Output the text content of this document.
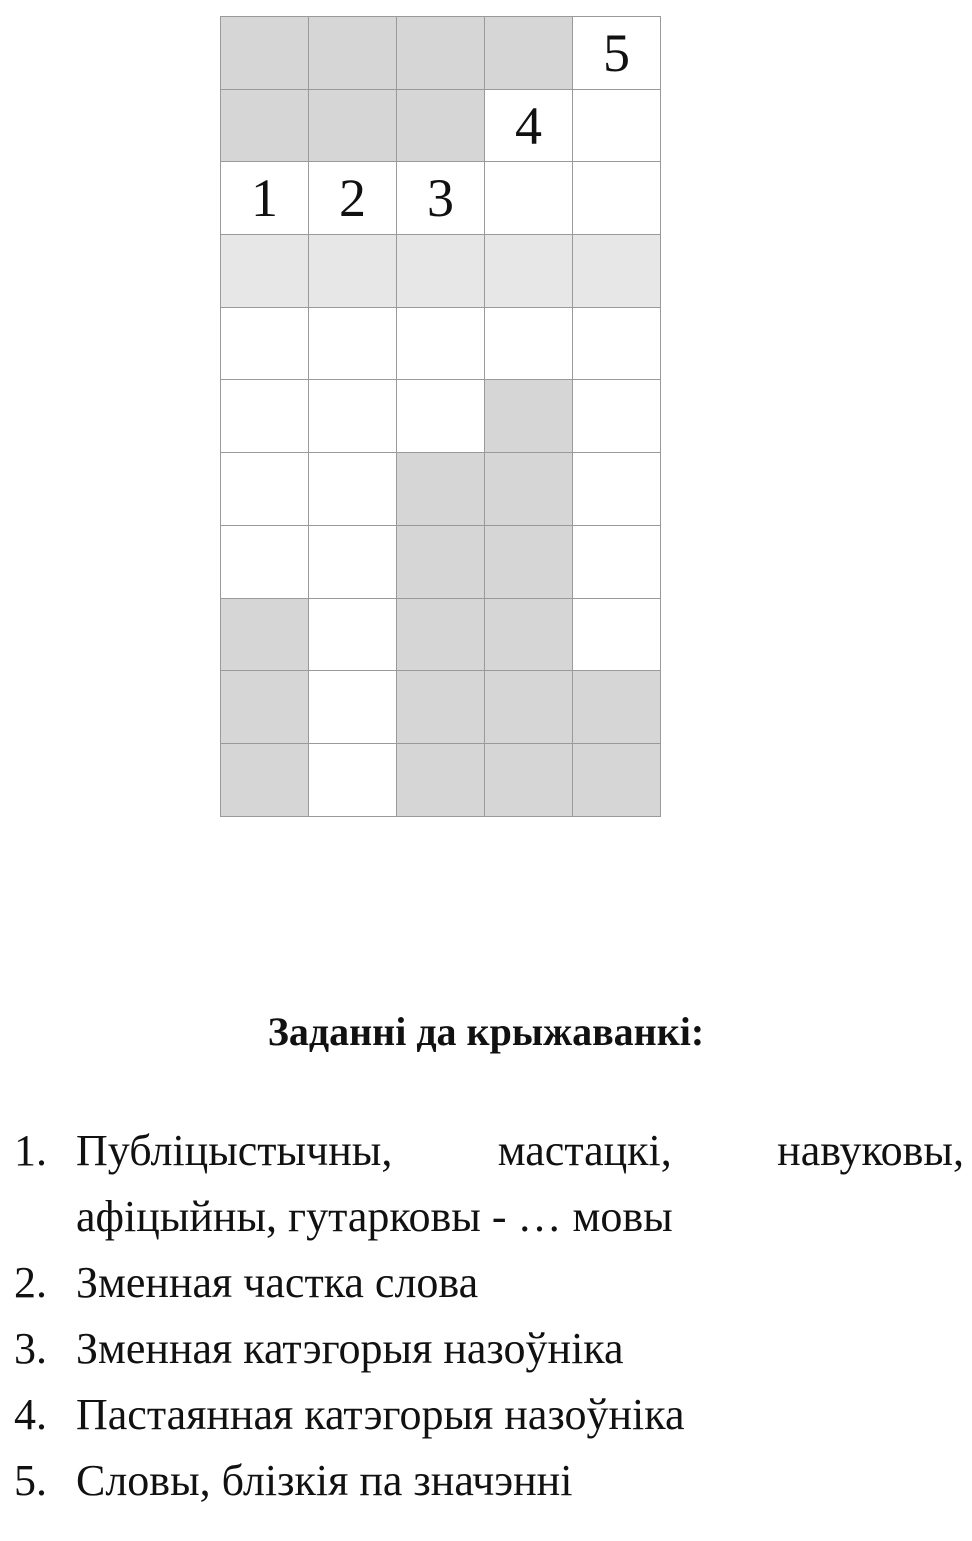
5
4
1	2	3
Заданні да крыжаванкі:
1. Публіцыстычны, мастацкі, навуковы, афіцыйны, гутарковы - … мовы
2. Зменная частка слова
3. Зменная катэгорыя назоўніка
4. Пастаянная катэгорыя назоўніка
5. Словы, блізкія па значэнні
